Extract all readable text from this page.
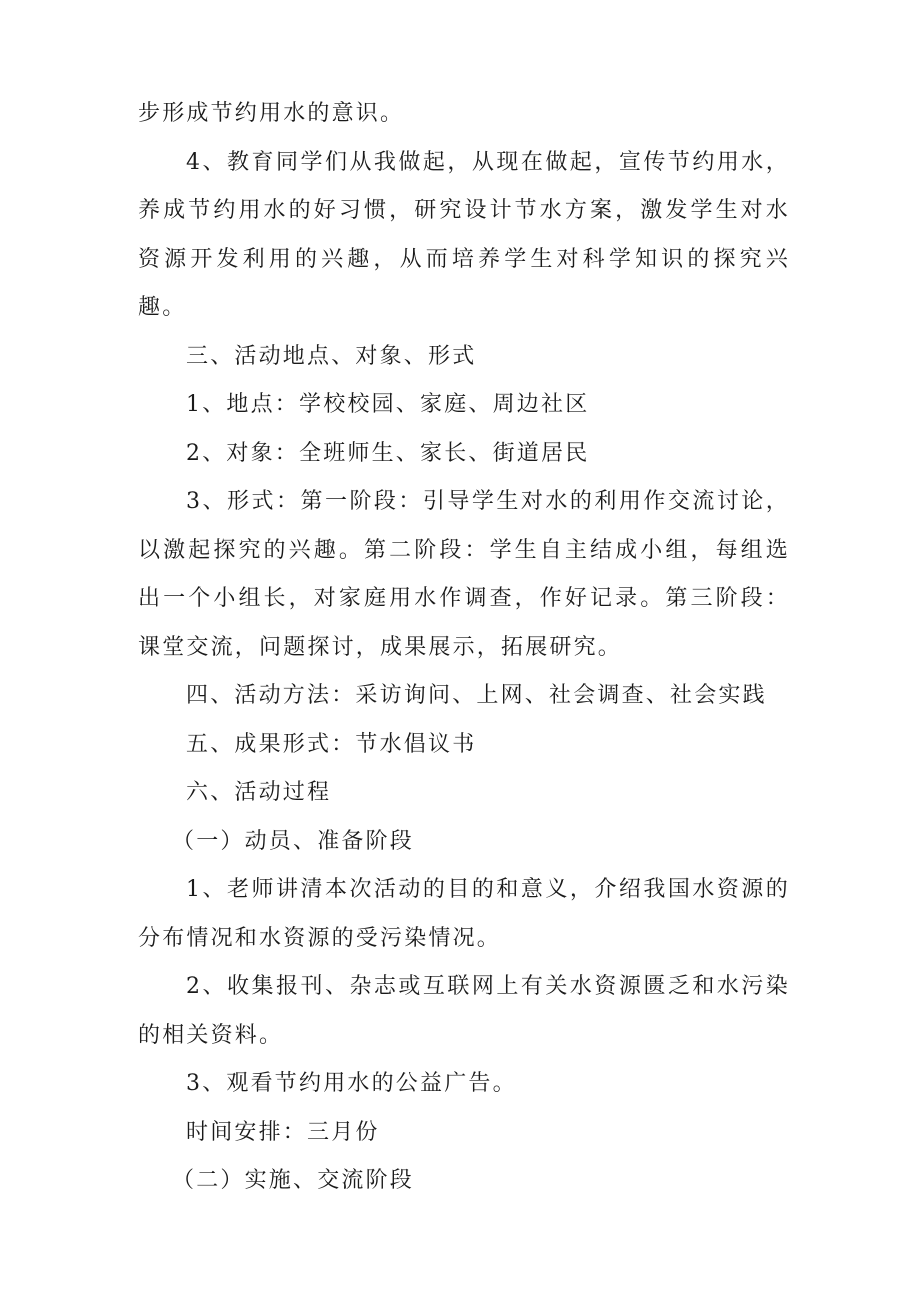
步形成节约用水的意识。

4、教育同学们从我做起，从现在做起，宣传节约用水，养成节约用水的好习惯，研究设计节水方案，激发学生对水资源开发利用的兴趣，从而培养学生对科学知识的探究兴趣。

三、活动地点、对象、形式

1、地点：学校校园、家庭、周边社区

2、对象：全班师生、家长、街道居民

3、形式：第一阶段：引导学生对水的利用作交流讨论，以激起探究的兴趣。第二阶段：学生自主结成小组，每组选出一个小组长，对家庭用水作调查，作好记录。第三阶段：课堂交流，问题探讨，成果展示，拓展研究。

四、活动方法：采访询问、上网、社会调查、社会实践

五、成果形式：节水倡议书

六、活动过程

（一）动员、准备阶段

1、老师讲清本次活动的目的和意义，介绍我国水资源的分布情况和水资源的受污染情况。

2、收集报刊、杂志或互联网上有关水资源匮乏和水污染的相关资料。

3、观看节约用水的公益广告。

时间安排：三月份

（二）实施、交流阶段
